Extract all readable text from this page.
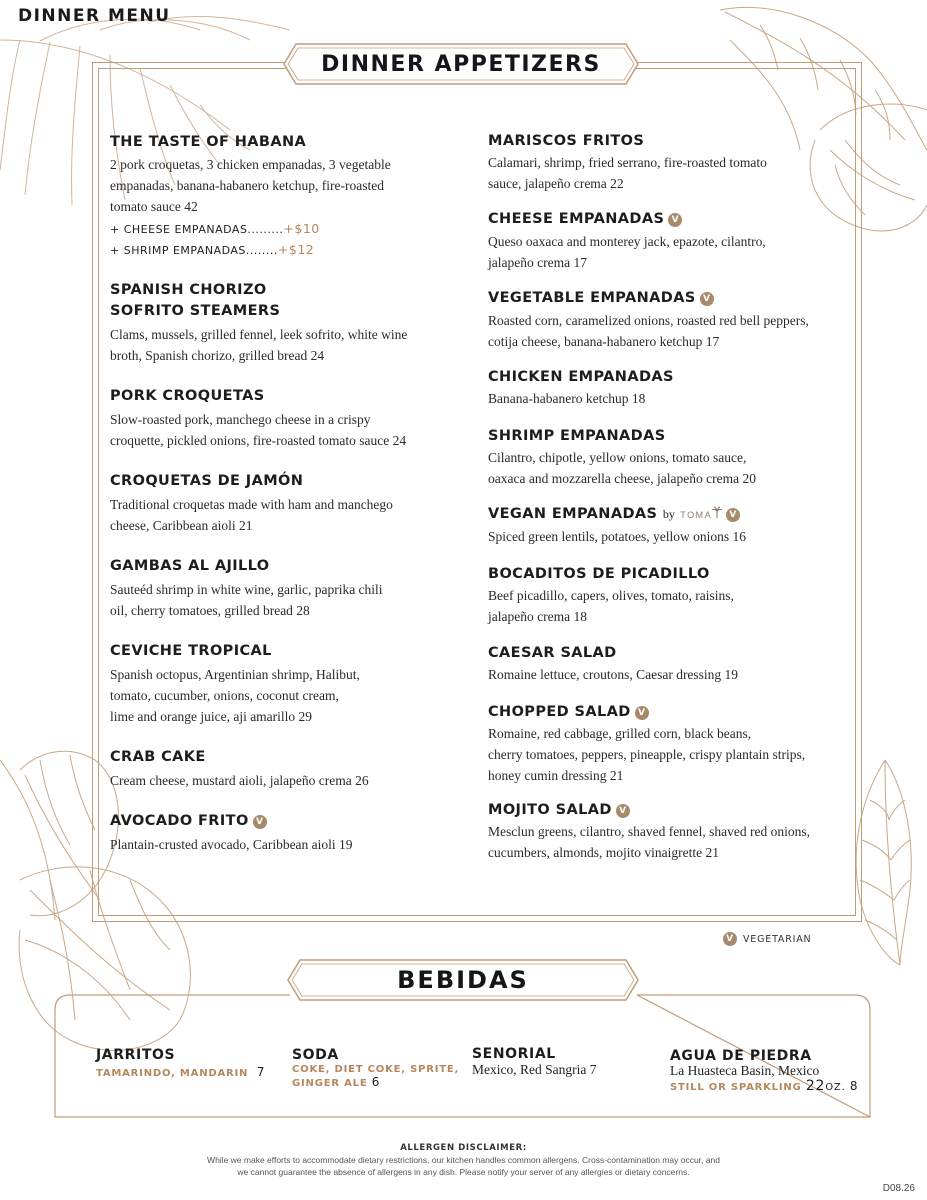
DINNER MENU
DINNER APPETIZERS
THE TASTE OF HABANA
2 pork croquetas, 3 chicken empanadas, 3 vegetable
empanadas, banana-habanero ketchup, fire-roasted
tomato sauce 42
+ CHEESE EMPANADAS.........+$10
+ SHRIMP EMPANADAS........+$12
SPANISH CHORIZO
SOFRITO STEAMERS
Clams, mussels, grilled fennel, leek sofrito, white wine
broth, Spanish chorizo, grilled bread 24
PORK CROQUETAS
Slow-roasted pork, manchego cheese in a crispy
croquette, pickled onions, fire-roasted tomato sauce 24
CROQUETAS DE JAMÓN
Traditional croquetas made with ham and manchego
cheese, Caribbean aioli 21
GAMBAS AL AJILLO
Sauteéd shrimp in white wine, garlic, paprika chili
oil, cherry tomatoes, grilled bread 28
CEVICHE TROPICAL
Spanish octopus, Argentinian shrimp, Halibut,
tomato, cucumber, onions, coconut cream,
lime and orange juice, aji amarillo 29
CRAB CAKE
Cream cheese, mustard aioli, jalapeño crema 26
AVOCADO FRITO V
Plantain-crusted avocado, Caribbean aioli 19
MARISCOS FRITOS
Calamari, shrimp, fried serrano, fire-roasted tomato
sauce, jalapeño crema 22
CHEESE EMPANADAS V
Queso oaxaca and monterey jack, epazote, cilantro,
jalapeño crema 17
VEGETABLE EMPANADAS V
Roasted corn, caramelized onions, roasted red bell peppers,
cotija cheese, banana-habanero ketchup 17
CHICKEN EMPANADAS
Banana-habanero ketchup 18
SHRIMP EMPANADAS
Cilantro, chipotle, yellow onions, tomato sauce,
oaxaca and mozzarella cheese, jalapeño crema 20
VEGAN EMPANADAS by TOMA V
Spiced green lentils, potatoes, yellow onions 16
BOCADITOS DE PICADILLO
Beef picadillo, capers, olives, tomato, raisins,
jalapeño crema 18
CAESAR SALAD
Romaine lettuce, croutons, Caesar dressing 19
CHOPPED SALAD V
Romaine, red cabbage, grilled corn, black beans,
cherry tomatoes, peppers, pineapple, crispy plantain strips,
honey cumin dressing 21
MOJITO SALAD V
Mesclun greens, cilantro, shaved fennel, shaved red onions,
cucumbers, almonds, mojito vinaigrette 21
V VEGETARIAN
BEBIDAS
JARRITOS
TAMARINDO, MANDARIN 7
SODA
COKE, DIET COKE, SPRITE,
GINGER ALE 6
SENORIAL
Mexico, Red Sangria 7
AGUA DE PIEDRA
La Huasteca Basin, Mexico
STILL OR SPARKLING 22OZ. 8
ALLERGEN DISCLAIMER:
While we make efforts to accommodate dietary restrictions, our kitchen handles common allergens. Cross-contamination may occur, and
we cannot guarantee the absence of allergens in any dish. Please notify your server of any allergies or dietary concerns.
D08.26
